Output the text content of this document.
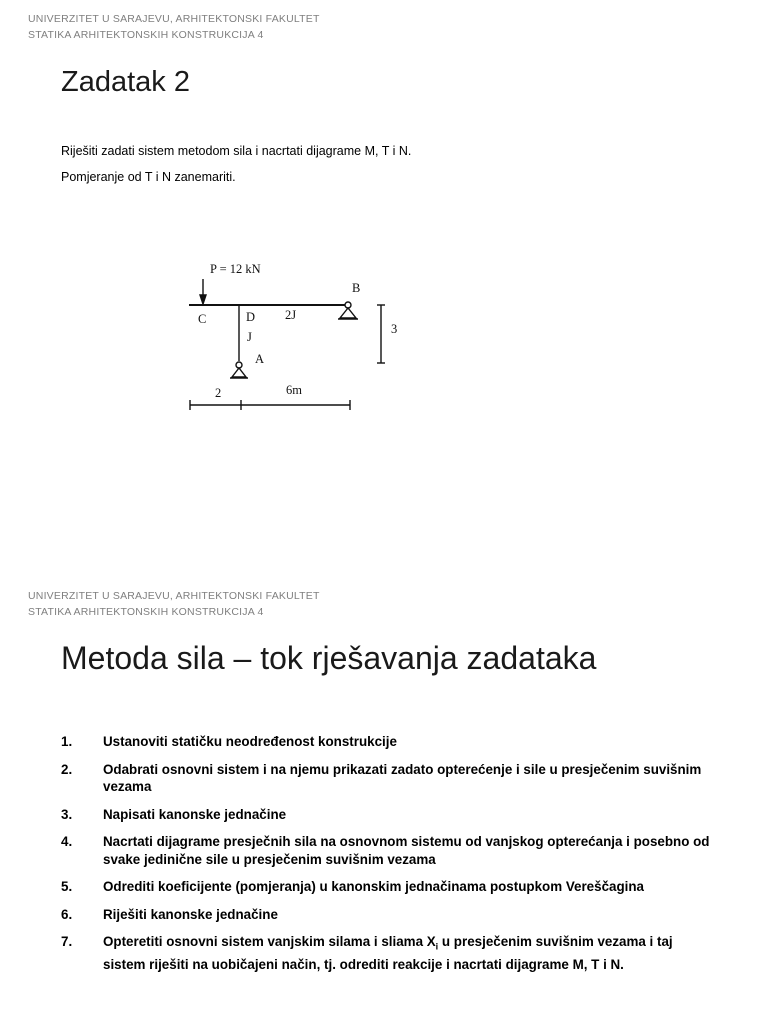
UNIVERZITET U SARAJEVU, ARHITEKTONSKI FAKULTET
STATIKA ARHITEKTONSKIH KONSTRUKCIJA 4
Zadatak 2
Riješiti zadati sistem metodom sila i nacrtati dijagrame M, T i N.
Pomjeranje od T i N zanemariti.
P = 12 kN
C	D 2J
B
J
A
3
2	6m
UNIVERZITET U SARAJEVU, ARHITEKTONSKI FAKULTET
STATIKA ARHITEKTONSKIH KONSTRUKCIJA 4
Metoda sila – tok rješavanja zadataka
1.	Ustanoviti statičku neodređenost konstrukcije
2.	Odabrati osnovni sistem i na njemu prikazati zadato opterećenje i sile u presječenim suvišnim vezama
3.	Napisati kanonske jednačine
4.	Nacrtati dijagrame presječnih sila na osnovnom sistemu od vanjskog opterećanja i posebno od svake jedinične sile u presječenim suvišnim vezama
5.	Odrediti koeficijente (pomjeranja) u kanonskim jednačinama postupkom Vereščagina
6.	Riješiti kanonske jednačine
7.	Opteretiti osnovni sistem vanjskim silama i sliama $X_i$ u presječenim suvišnim vezama i taj sistem riješiti na uobičajeni način, tj. odrediti reakcije i nacrtati dijagrame M, T i N.
